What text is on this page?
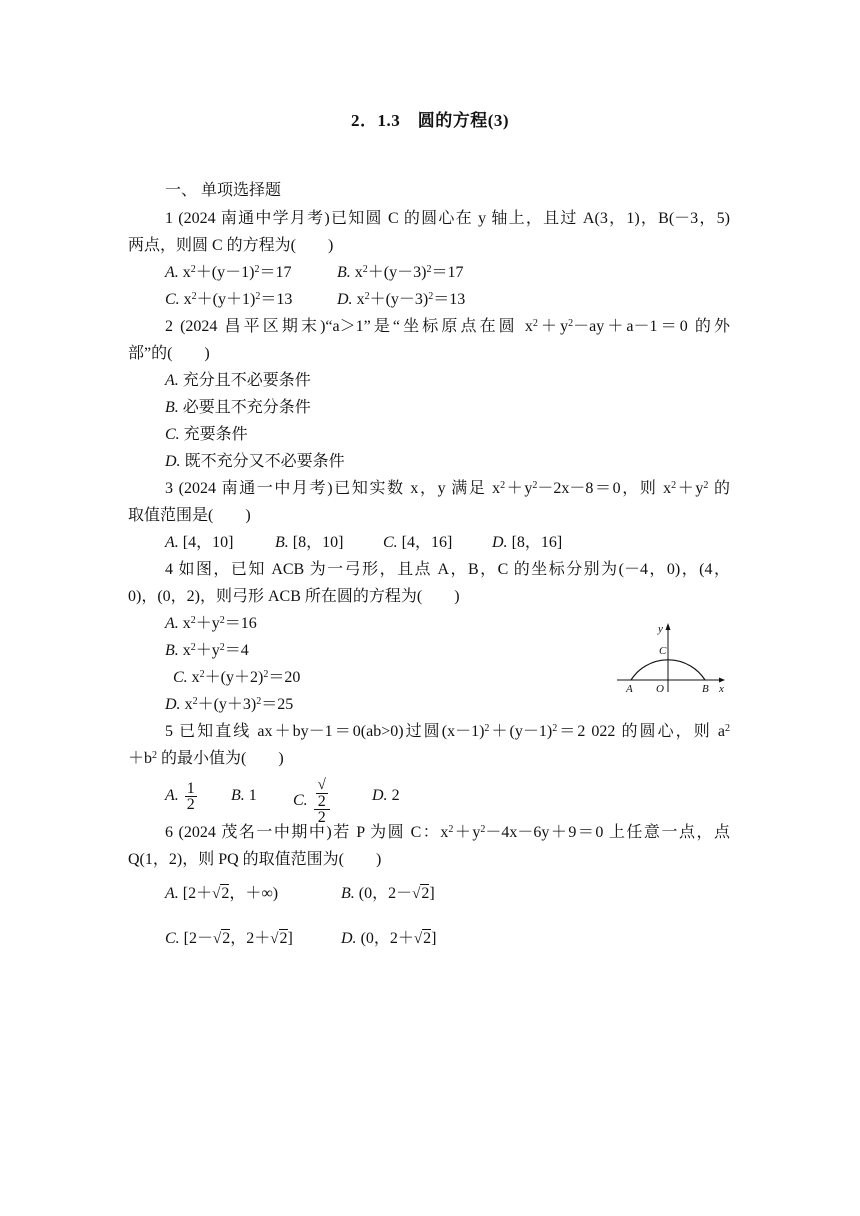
2．1.3　圆的方程(3)
一、 单项选择题
1 (2024 南通中学月考)已知圆 C 的圆心在 y 轴上，且过 A(3，1)，B(－3，5)
两点，则圆 C 的方程为(　　)
A. $x^2+(y-1)^2=17$	B. $x^2+(y-3)^2=17$
C. $x^2+(y+1)^2=13$	D. $x^2+(y-3)^2=13$
2 (2024 昌平区期末)“a＞1”是“坐标原点在圆 $x^2+y^2-ay+a-1=0$ 的外
部”的(　　)
A. 充分且不必要条件
B. 必要且不充分条件
C. 充要条件
D. 既不充分又不必要条件
3 (2024 南通一中月考)已知实数 x，y 满足 $x^2+y^2-2x-8=0$，则 $x^2+y^2$ 的
取值范围是(　　)
A. [4，10]	B. [8，10] C. [4，16] D. [8，16]
4 如图，已知 ACB 为一弓形，且点 A，B，C 的坐标分别为(－4，0)，(4，
0)，(0，2)，则弓形 ACB 所在圆的方程为(　　)
A. $x^2+y^2=16$
B. $x^2+y^2=4$
C. $x^2+(y+2)^2=20$
D. $x^2+(y+3)^2=25$
y
C
A O	B x
5 已知直线 ax＋by－1＝0(ab>0)过圆$(x-1)^2+(y-1)^2=2$ 022 的圆心，则 $a^2$
$+b^2$ 的最小值为(　　)
A. $\frac{1}{2} B$. 1 C. √
2
2	D. 2
6 (2024 茂名一中期中)若 P 为圆 C：$x^2+y^2-4x-6y+9=0$ 上任意一点，点
Q(1，2)，则 PQ 的取值范围为(　　)
A. [2＋√2，＋∞)	B. (0，2－√2]
C. [2－√2，2＋√2]	D. (0，2＋√2]
